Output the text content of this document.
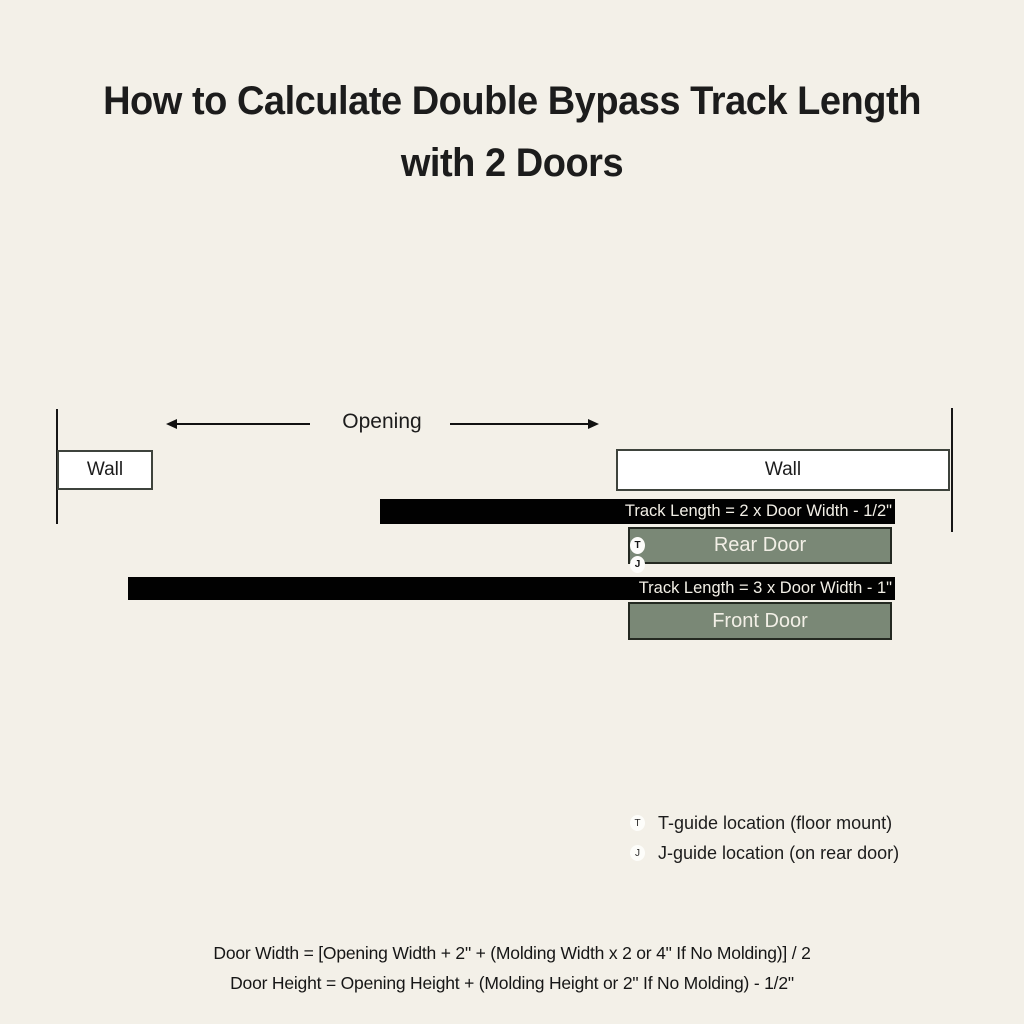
How to Calculate Double Bypass Track Length
with 2 Doors
Opening
Wall	Wall
Track Length = 2 x Door Width - 1/2"
Rear Door
T
J
Track Length = 3 x Door Width - 1"
Front Door
T T-guide location (floor mount)
J J-guide location (on rear door)
Door Width = [Opening Width + 2" + (Molding Width x 2 or 4" If No Molding)] / 2
Door Height = Opening Height + (Molding Height or 2" If No Molding) - 1/2"
